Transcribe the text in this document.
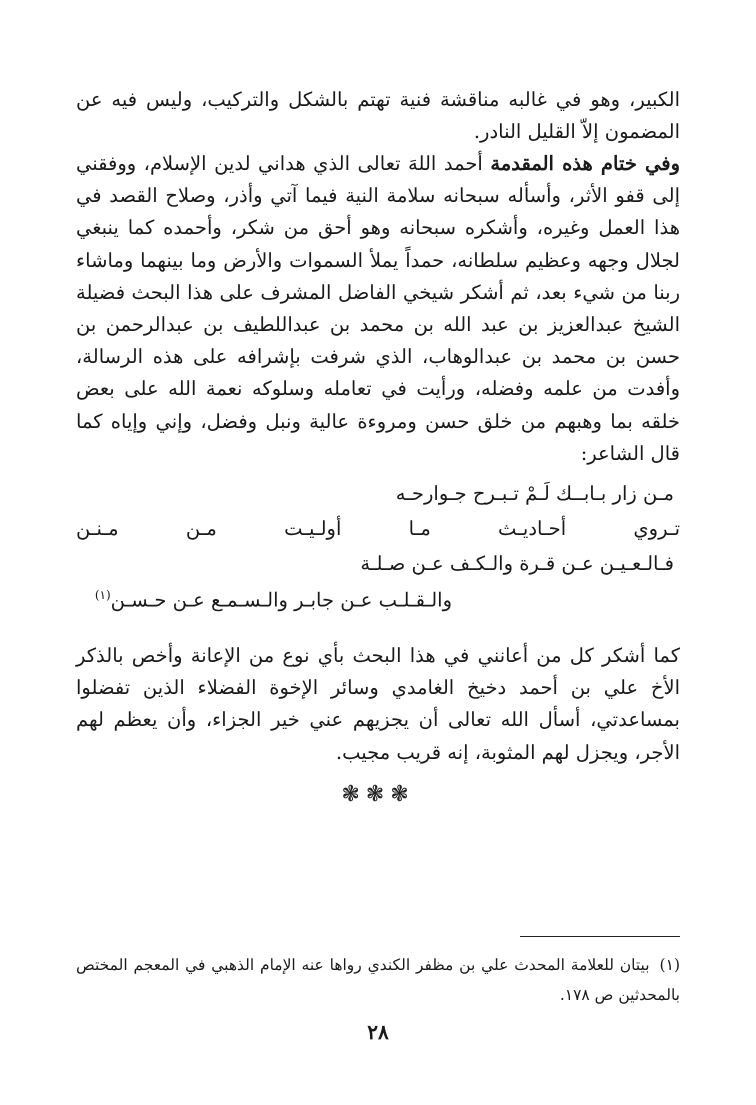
الكبير، وهو في غالبه مناقشة فنية تهتم بالشكل والتركيب، وليس فيه عن المضمون إلاّ القليل النادر.

وفي ختام هذه المقدمة أحمد اللهَ تعالى الذي هداني لدين الإسلام، ووفقني إلى قفو الأثر، وأسأله سبحانه سلامة النية فيما آتي وأذر، وصلاح القصد في هذا العمل وغيره، وأشكره سبحانه وهو أحق من شكر، وأحمده كما ينبغي لجلال وجهه وعظيم سلطانه، حمداً يملأ السموات والأرض وما بينهما وماشاء ربنا من شيء بعد، ثم أشكر شيخي الفاضل المشرف على هذا البحث فضيلة الشيخ عبدالعزيز بن عبد الله بن محمد بن عبداللطيف بن عبدالرحمن بن حسن بن محمد بن عبدالوهاب، الذي شرفت بإشرافه على هذه الرسالة، وأفدت من علمه وفضله، ورأيت في تعامله وسلوكه نعمة الله على بعض خلقه بما وهبهم من خلق حسن ومروءة عالية ونبل وفضل، وإني وإياه كما قال الشاعر:

مـن زار بـابــك لَـمْ تـبـرح جـوارحـه
تـروي أحـاديـث مـا أولـيـت مـن مـنـن
فـالـعـيـن عـن قـرة والـكـف عـن صـلـة
والـقـلـب عـن جابـر والـسـمـع عـن حـسـن$^{(١)}$

كما أشكر كل من أعانني في هذا البحث بأي نوع من الإعانة وأخص بالذكر الأخ علي بن أحمد دخيخ الغامدي وسائر الإخوة الفضلاء الذين تفضلوا بمساعدتي، أسأل الله تعالى أن يجزيهم عني خير الجزاء، وأن يعظم لهم الأجر، ويجزل لهم المثوبة، إنه قريب مجيب.

❃❃❃
(١)بيتان للعلامة المحدث علي بن مظفر الكندي رواها عنه الإمام الذهبي في المعجم المختص بالمحدثين ص ١٧٨.
٢٨
